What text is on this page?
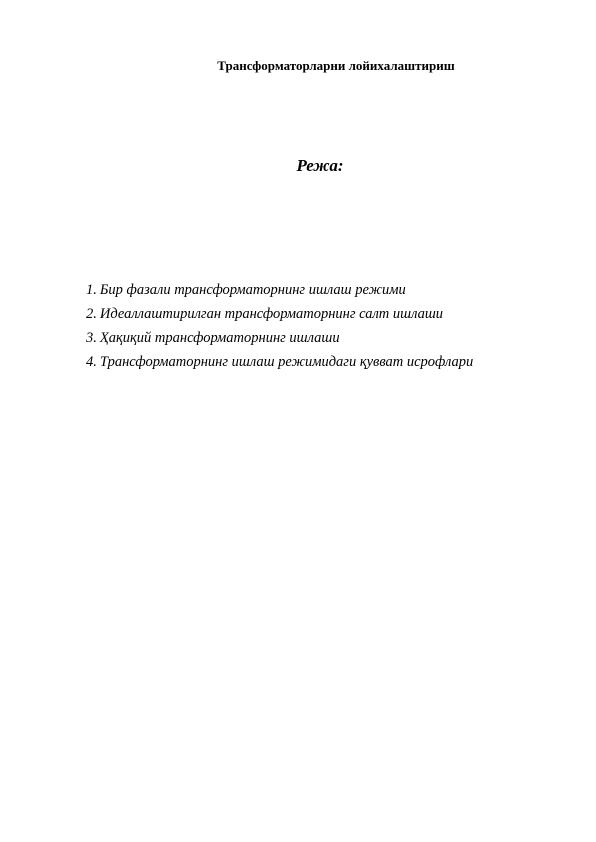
Трансформаторларни лойихалаштириш
Режа:
1. Бир фазали трансформаторнинг ишлаш режими
2. Идеаллаштирилган трансформаторнинг салт ишлаши
3. Ҳақиқий трансформаторнинг ишлаши
4. Трансформаторнинг ишлаш режимидаги қувват исрофлари
